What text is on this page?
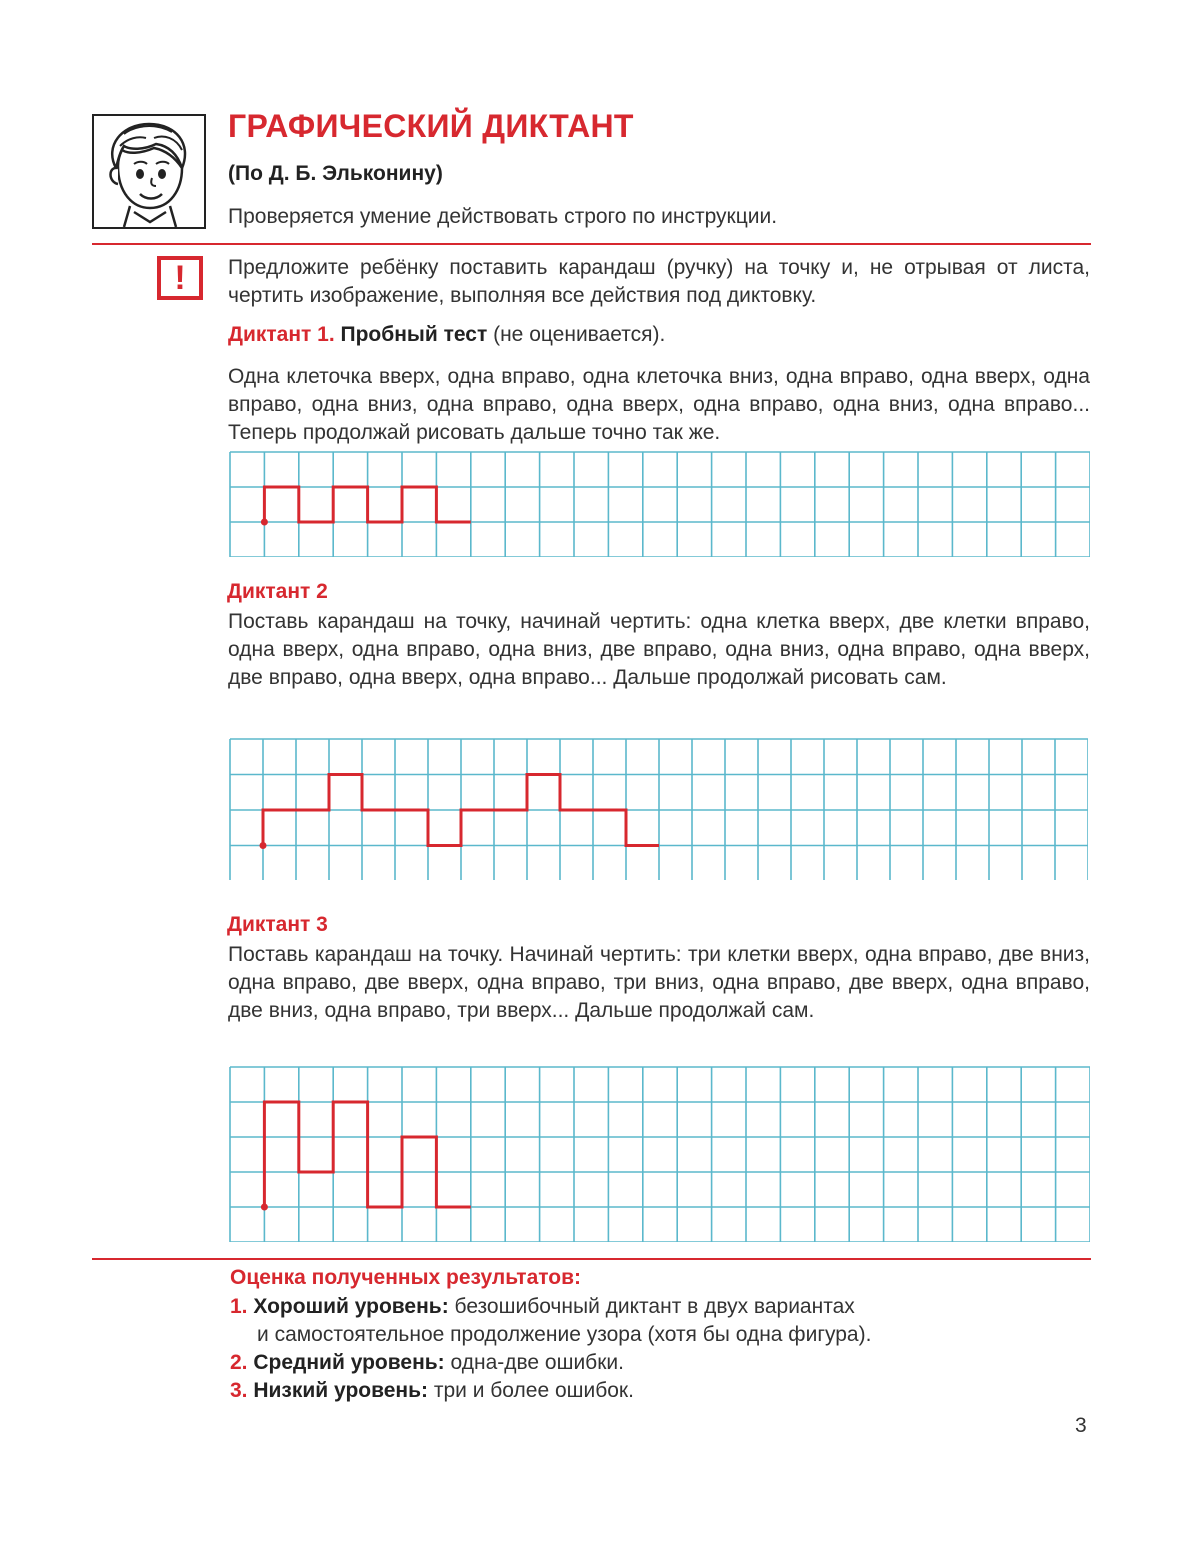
ГРАФИЧЕСКИЙ ДИКТАНТ
(По Д. Б. Эльконину)
Проверяется умение действовать строго по инструкции.
! Предложите ребёнку поставить карандаш (ручку) на точку и, не отрывая от листа, чертить изображение, выполняя все действия под диктовку.
Диктант 1. Пробный тест (не оценивается).
Одна клеточка вверх, одна вправо, одна клеточка вниз, одна вправо, одна вверх, одна вправо, одна вниз, одна вправо, одна вверх, одна вправо, одна вниз, одна вправо... Теперь продолжай рисовать дальше точно так же.
Диктант 2
Поставь карандаш на точку, начинай чертить: одна клетка вверх, две клетки вправо, одна вверх, одна вправо, одна вниз, две вправо, одна вниз, одна вправо, одна вверх, две вправо, одна вверх, одна вправо... Дальше продолжай рисовать сам.
Диктант 3
Поставь карандаш на точку. Начинай чертить: три клетки вверх, одна вправо, две вниз, одна вправо, две вверх, одна вправо, три вниз, одна вправо, две вверх, одна вправо, две вниз, одна вправо, три вверх... Дальше продолжай сам.
Оценка полученных результатов:
1. Хороший уровень: безошибочный диктант в двух вариантах
и самостоятельное продолжение узора (хотя бы одна фигура).
2. Средний уровень: одна-две ошибки.
3. Низкий уровень: три и более ошибок.
3
